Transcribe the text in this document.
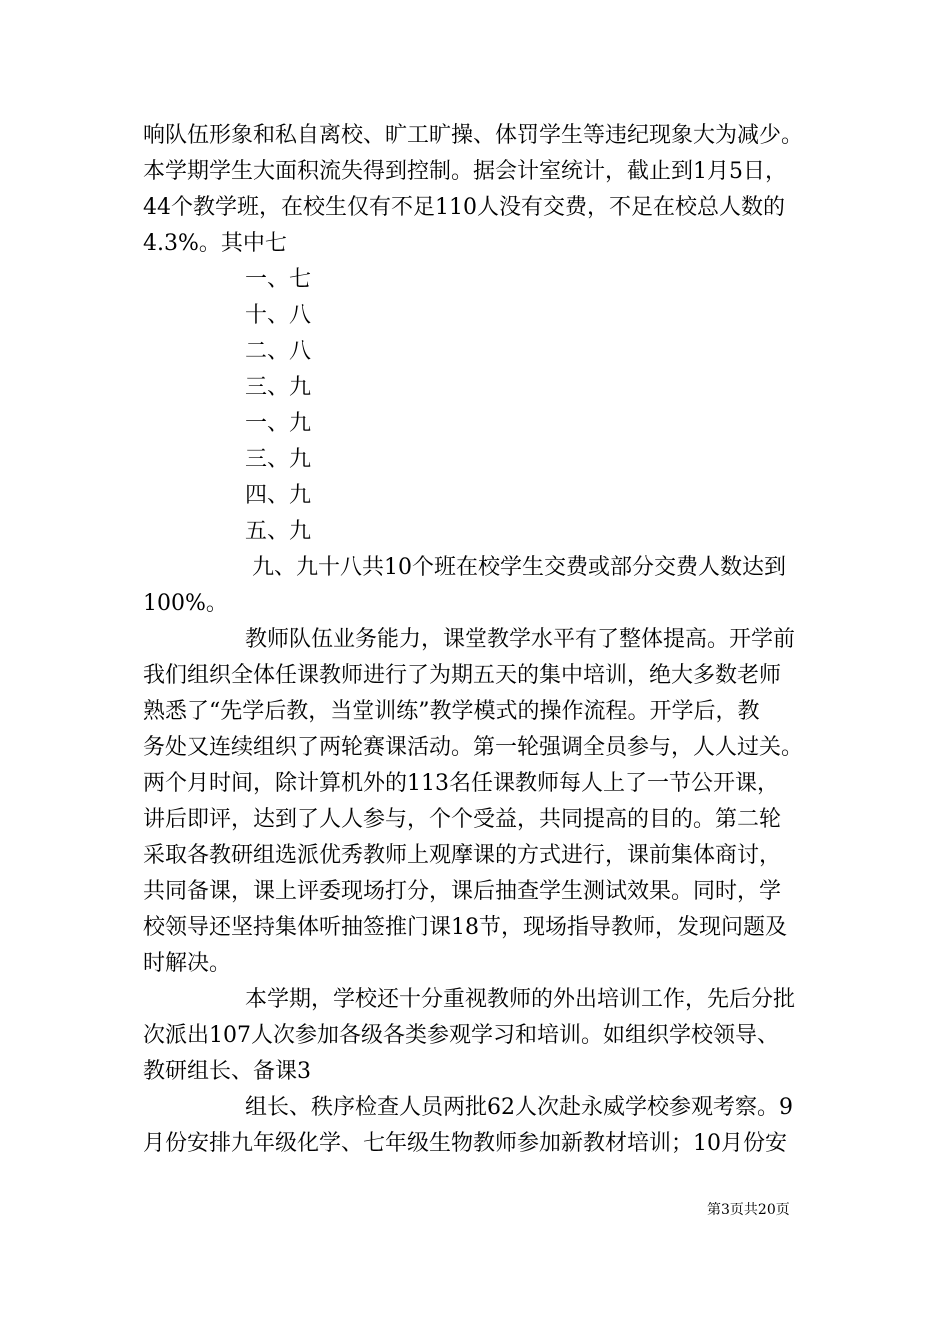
响队伍形象和私自离校、旷工旷操、体罚学生等违纪现象大为减少。
本学期学生大面积流失得到控制。据会计室统计，截止到1月5日，
44个教学班，在校生仅有不足110人没有交费，不足在校总人数的
4.3%。其中七

一、七
十、八
二、八
三、九
一、九
三、九
四、九
五、九

九、九十八共10个班在校学生交费或部分交费人数达到
100%。

教师队伍业务能力，课堂教学水平有了整体提高。开学前
我们组织全体任课教师进行了为期五天的集中培训，绝大多数老师
熟悉了“先学后教，当堂训练”教学模式的操作流程。开学后，教
务处又连续组织了两轮赛课活动。第一轮强调全员参与，人人过关。
两个月时间，除计算机外的113名任课教师每人上了一节公开课，
讲后即评，达到了人人参与，个个受益，共同提高的目的。第二轮
采取各教研组选派优秀教师上观摩课的方式进行，课前集体商讨，
共同备课，课上评委现场打分，课后抽查学生测试效果。同时，学
校领导还坚持集体听抽签推门课18节，现场指导教师，发现问题及
时解决。

本学期，学校还十分重视教师的外出培训工作，先后分批
次派出107人次参加各级各类参观学习和培训。如组织学校领导、
教研组长、备课3

组长、秩序检查人员两批62人次赴永威学校参观考察。9
月份安排九年级化学、七年级生物教师参加新教材培训；10月份安

第3页共20页
